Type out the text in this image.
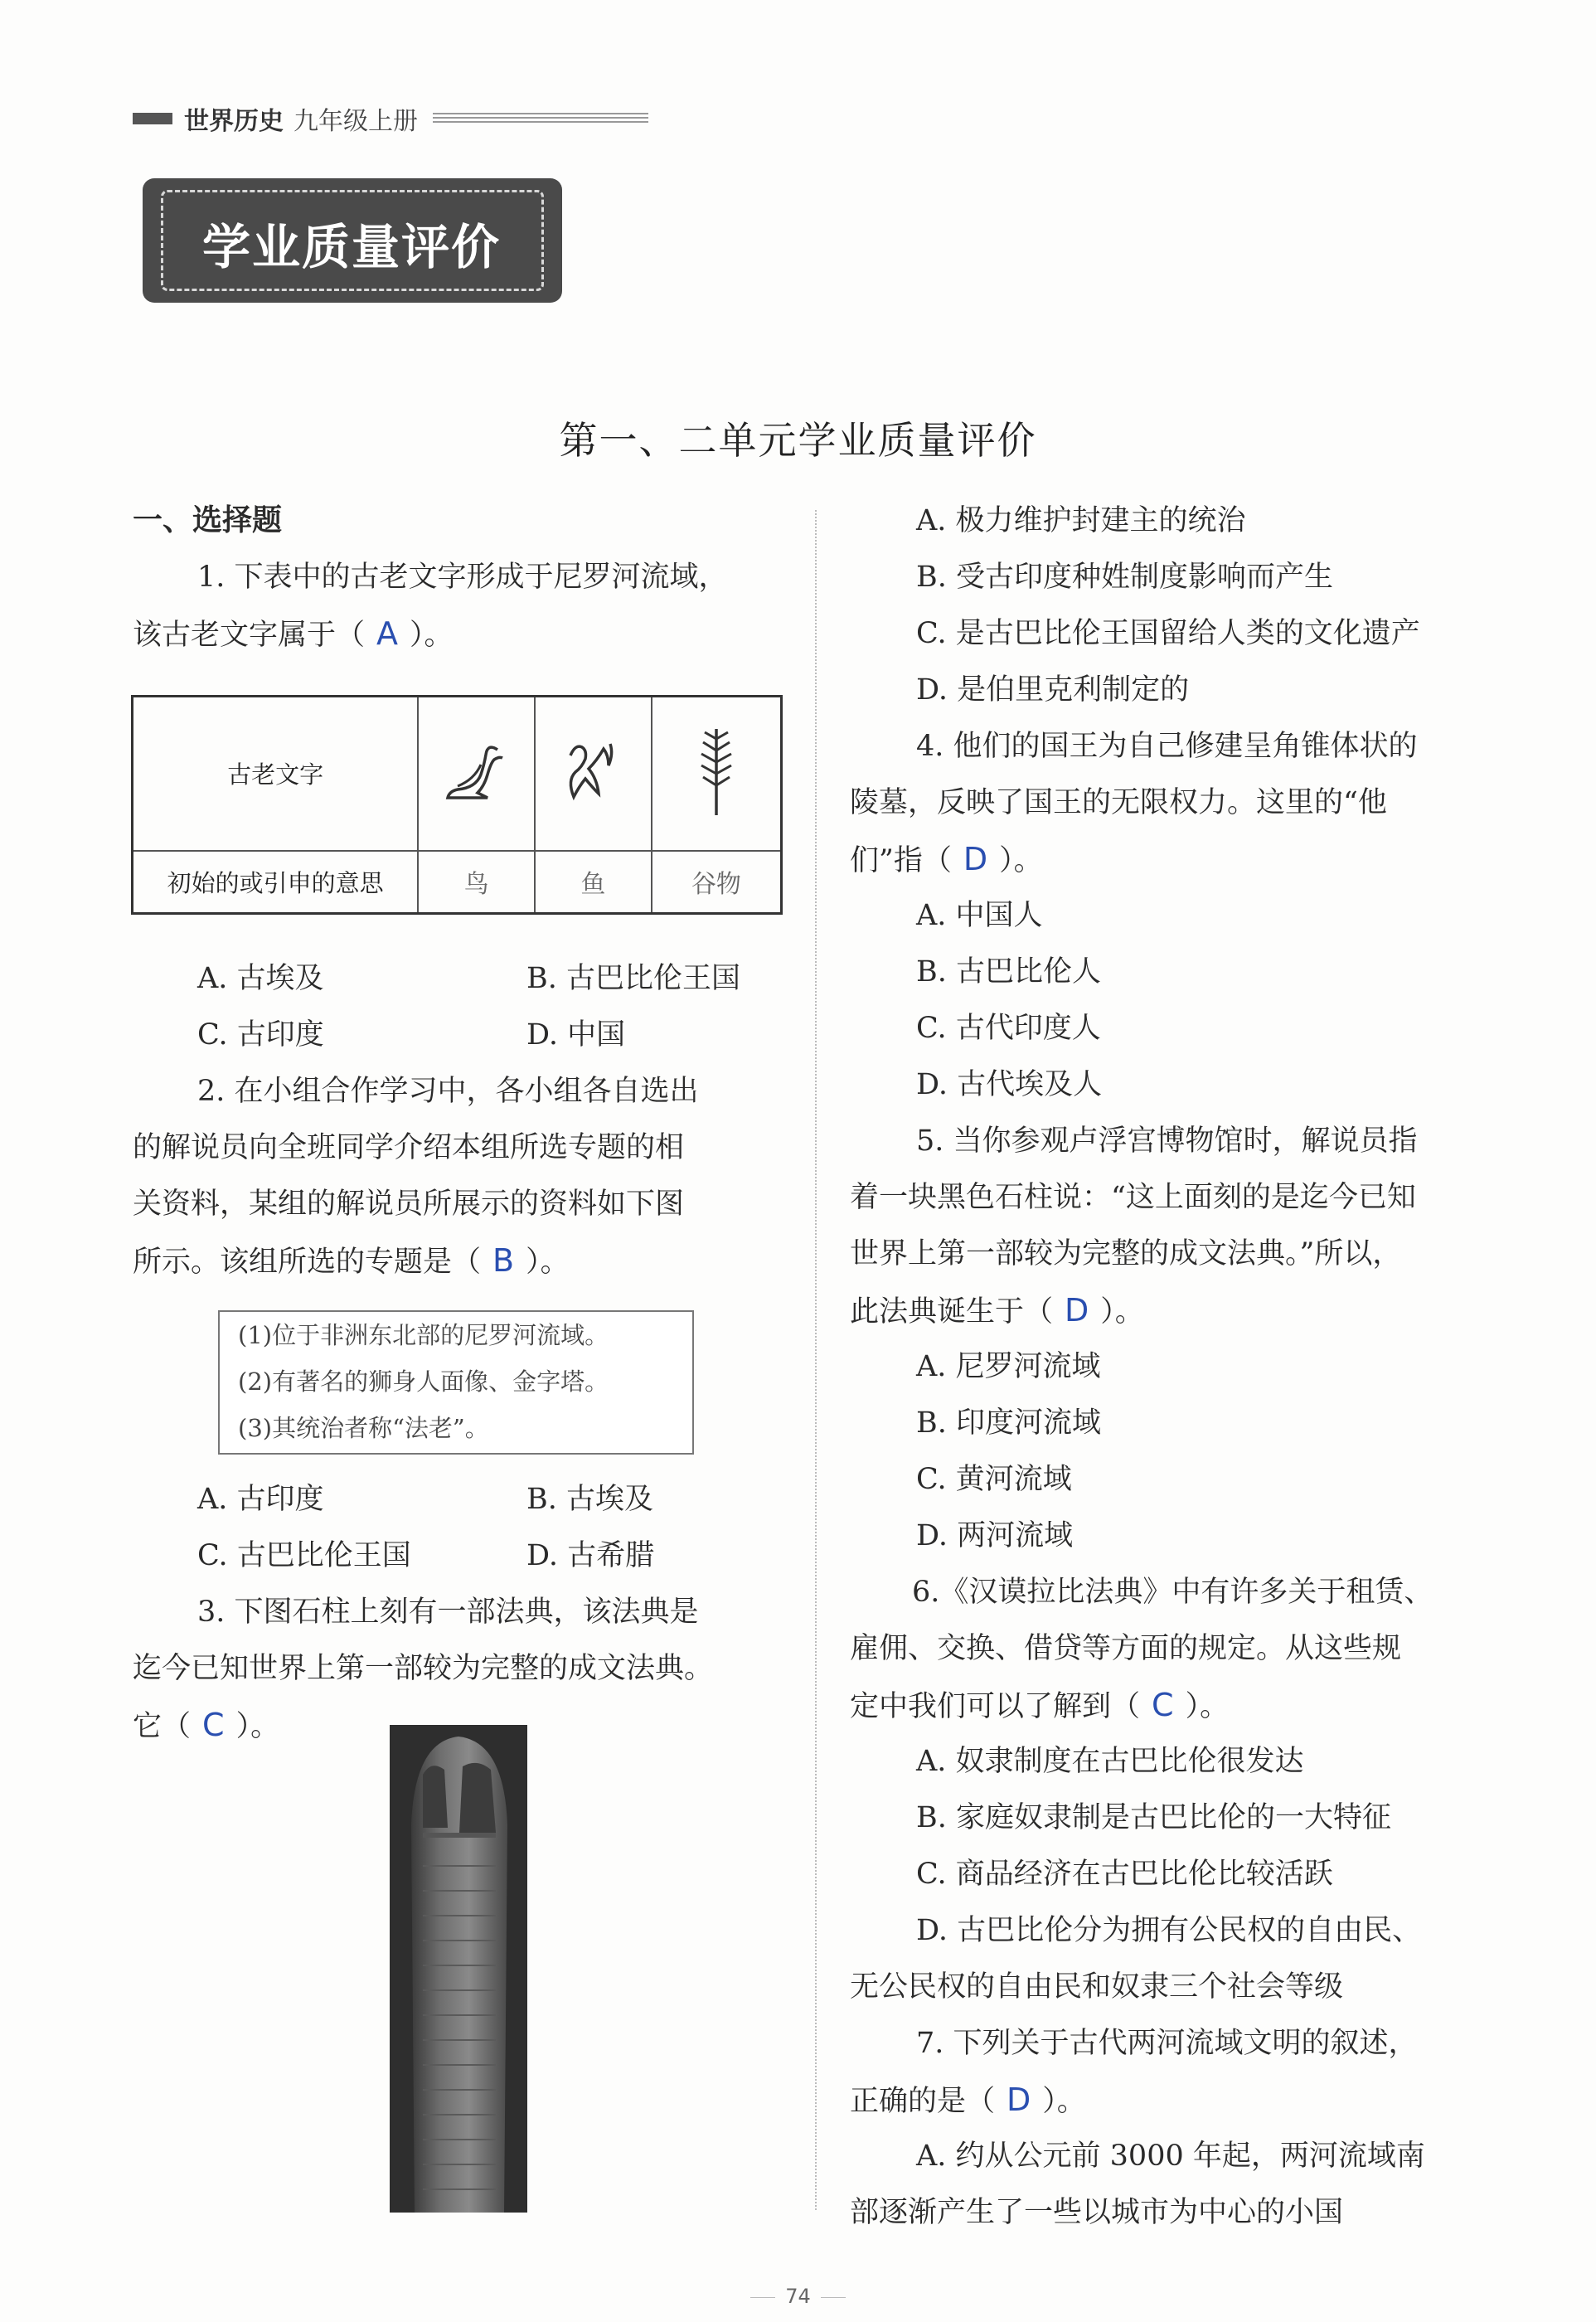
世界历史 九年级上册
学业质量评价
第一、二单元学业质量评价
一、选择题
1. 下表中的古老文字形成于尼罗河流域，
该古老文字属于（ A ）。
古老文字			
初始的或引申的意思	鸟	鱼	谷物
A. 古埃及	B. 古巴比伦王国
C. 古印度	D. 中国
2. 在小组合作学习中，各小组各自选出
的解说员向全班同学介绍本组所选专题的相
关资料，某组的解说员所展示的资料如下图
所示。该组所选的专题是（ B ）。
(1)位于非洲东北部的尼罗河流域。
(2)有著名的狮身人面像、金字塔。
(3)其统治者称“法老”。
A. 古印度	B. 古埃及
C. 古巴比伦王国	D. 古希腊
3. 下图石柱上刻有一部法典，该法典是
迄今已知世界上第一部较为完整的成文法典。
它（ C ）。
A. 极力维护封建主的统治
B. 受古印度种姓制度影响而产生
C. 是古巴比伦王国留给人类的文化遗产
D. 是伯里克利制定的
4. 他们的国王为自己修建呈角锥体状的
陵墓，反映了国王的无限权力。这里的“他
们”指（ D ）。
A. 中国人
B. 古巴比伦人
C. 古代印度人
D. 古代埃及人
5. 当你参观卢浮宫博物馆时，解说员指
着一块黑色石柱说：“这上面刻的是迄今已知
世界上第一部较为完整的成文法典。”所以，
此法典诞生于（ D ）。
A. 尼罗河流域
B. 印度河流域
C. 黄河流域
D. 两河流域
6.《汉谟拉比法典》中有许多关于租赁、
雇佣、交换、借贷等方面的规定。从这些规
定中我们可以了解到（ C ）。
A. 奴隶制度在古巴比伦很发达
B. 家庭奴隶制是古巴比伦的一大特征
C. 商品经济在古巴比伦比较活跃
D. 古巴比伦分为拥有公民权的自由民、
无公民权的自由民和奴隶三个社会等级
7. 下列关于古代两河流域文明的叙述，
正确的是（ D ）。
A. 约从公元前 3000 年起，两河流域南
部逐渐产生了一些以城市为中心的小国
74
